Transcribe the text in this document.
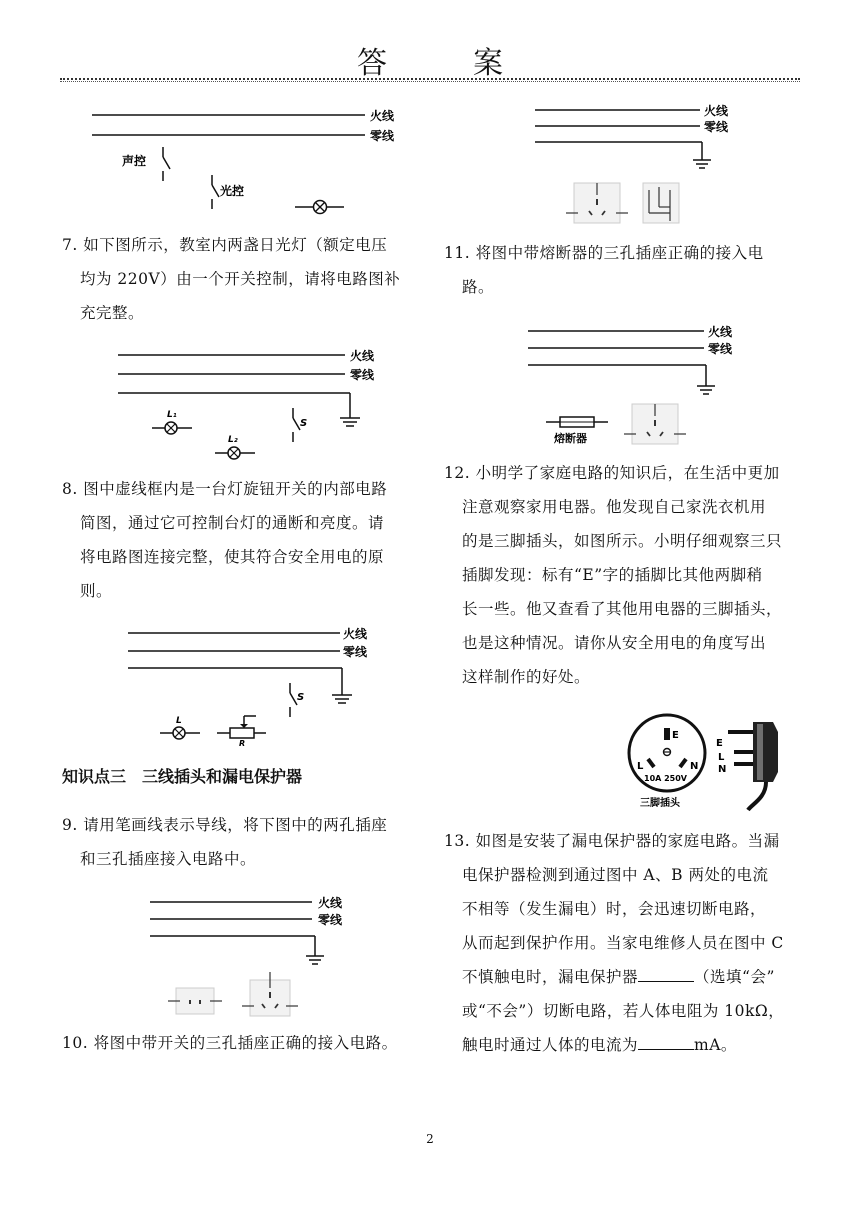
答　案
火线
零线
声控
光控

7. 如下图所示，教室内两盏日光灯（额定电压

均为 220V）由一个开关控制，请将电路图补

充完整。

火线
零线
L₁
L₂
S

8. 图中虚线框内是一台灯旋钮开关的内部电路

简图，通过它可控制台灯的通断和亮度。请

将电路图连接完整，使其符合安全用电的原

则。

火线
零线
S
L
R
知识点三　三线插头和漏电保护器

9. 请用笔画线表示导线，将下图中的两孔插座

和三孔插座接入电路中。

火线
零线

10. 将图中带开关的三孔插座正确的接入电路。

火线
零线

11. 将图中带熔断器的三孔插座正确的接入电

路。

火线
零线
熔断器

12. 小明学了家庭电路的知识后，在生活中更加

注意观察家用电器。他发现自己家洗衣机用

的是三脚插头，如图所示。小明仔细观察三只

插脚发现：标有“E”字的插脚比其他两脚稍

长一些。他又查看了其他用电器的三脚插头，

也是这种情况。请你从安全用电的角度写出

这样制作的好处。

E
L	N
10A 250V
三脚插头
E
L
N

13. 如图是安装了漏电保护器的家庭电路。当漏

电保护器检测到通过图中 A、B 两处的电流

不相等（发生漏电）时，会迅速切断电路，

从而起到保护作用。当家电维修人员在图中 C

不慎触电时，漏电保护器	（选填“会”

或“不会”）切断电路，若人体电阻为 10kΩ，

触电时通过人体的电流为	mA。

2
